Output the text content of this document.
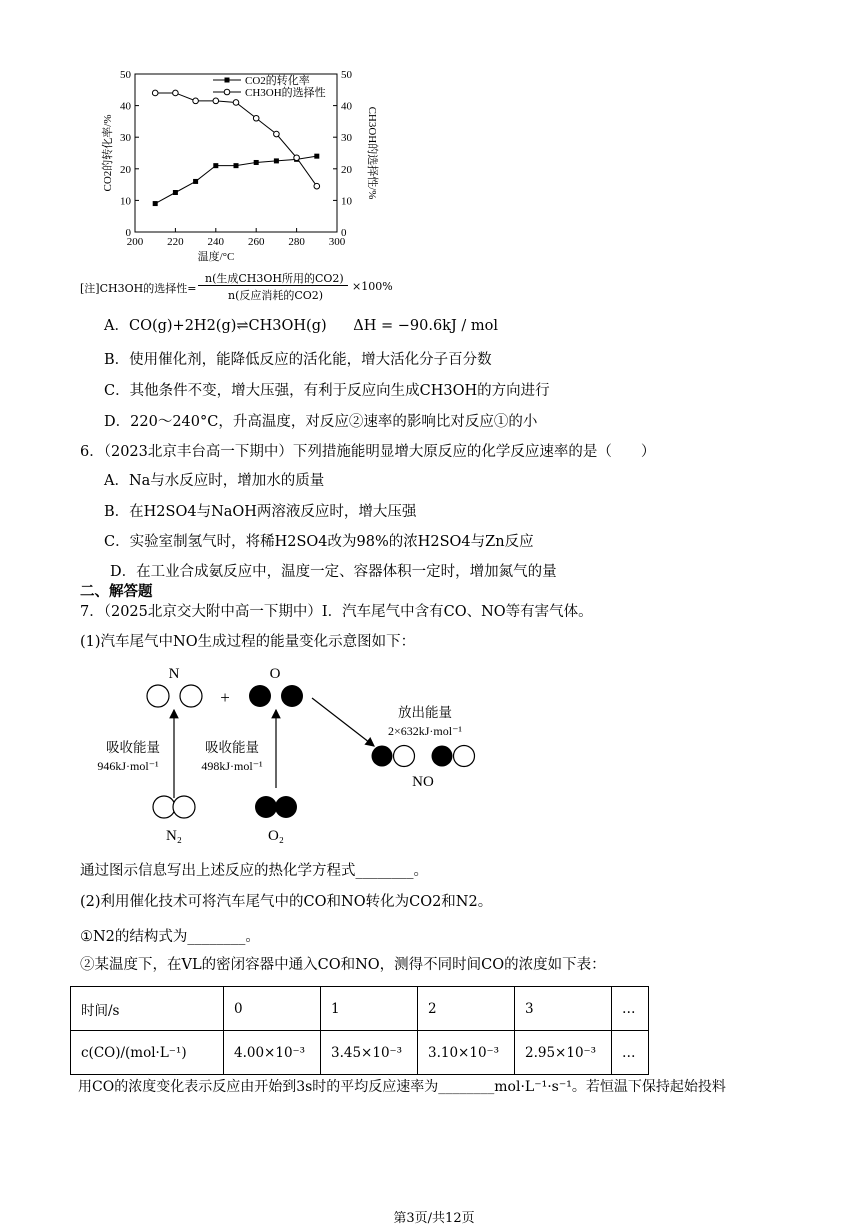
200 220 240 260 280 300
0	0
10	10
20	20
30	30
40	40
50	50
温度/°C
CO2的转化率/%	CH3OH的选择性/%
CO2的转化率
CH3OH的选择性
[注]CH3OH的选择性=
n(生成CH3OH所用的CO2)
n(反应消耗的CO2)
×100%
A．CO(g)+2H2(g)⇌CH3OH(g) ΔH = −90.6kJ / mol
B．使用催化剂，能降低反应的活化能，增大活化分子百分数
C．其他条件不变，增大压强，有利于反应向生成CH3OH的方向进行
D．220～240°C，升高温度，对反应②速率的影响比对反应①的小
6．（2023北京丰台高一下期中）下列措施能明显增大原反应的化学反应速率的是（　　）
A．Na与水反应时，增加水的质量
B．在H2SO4与NaOH两溶液反应时，增大压强
C．实验室制氢气时，将稀H2SO4改为98%的浓H2SO4与Zn反应
D．在工业合成氨反应中，温度一定、容器体积一定时，增加氮气的量
二、解答题
7．（2025北京交大附中高一下期中）I．汽车尾气中含有CO、NO等有害气体。
(1)汽车尾气中NO生成过程的能量变化示意图如下：
N
+
O
吸收能量
946kJ·mol⁻¹
吸收能量
498kJ·mol⁻¹
放出能量
2×632kJ·mol⁻¹
NO
N₂	O₂
通过图示信息写出上述反应的热化学方程式________。
(2)利用催化技术可将汽车尾气中的CO和NO转化为CO2和N2。
①N2的结构式为________。
②某温度下，在VL的密闭容器中通入CO和NO，测得不同时间CO的浓度如下表：
时间/s	0	1	2	3	…
c(CO)/(mol·L⁻¹)	4.00×10⁻³	3.45×10⁻³	3.10×10⁻³	2.95×10⁻³	…
用CO的浓度变化表示反应由开始到3s时的平均反应速率为________mol·L⁻¹·s⁻¹。若恒温下保持起始投料
第3页/共12页
